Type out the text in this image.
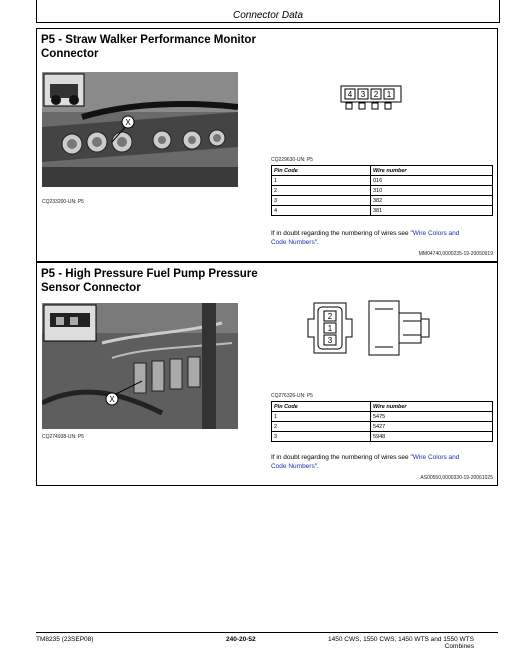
Connector Data
P5 - Straw Walker Performance Monitor
Connector
X
CQ233200-UN: P5
4 3 2 1
CQ229630-UN: P5
Pin Code	Wire number
1	016
2	310
3	382
4	381
If in doubt regarding the numbering of wires see "Wire Colors and
Code Numbers".
MM04740,0000235-19-20050919
P5 - High Pressure Fuel Pump Pressure
Sensor Connector
X
CQ274938-UN: P5
2
1
3
CQ276326-UN: P5
Pin Code	Wire number
1	5475
2	5427
3	5948
If in doubt regarding the numbering of wires see "Wire Colors and
Code Numbers".
AS00550,0000330-19-20061025
TM8235 (23SEP08)	240-20-52	1450 CWS, 1550 CWS, 1450 WTS and 1550 WTS
Combines
